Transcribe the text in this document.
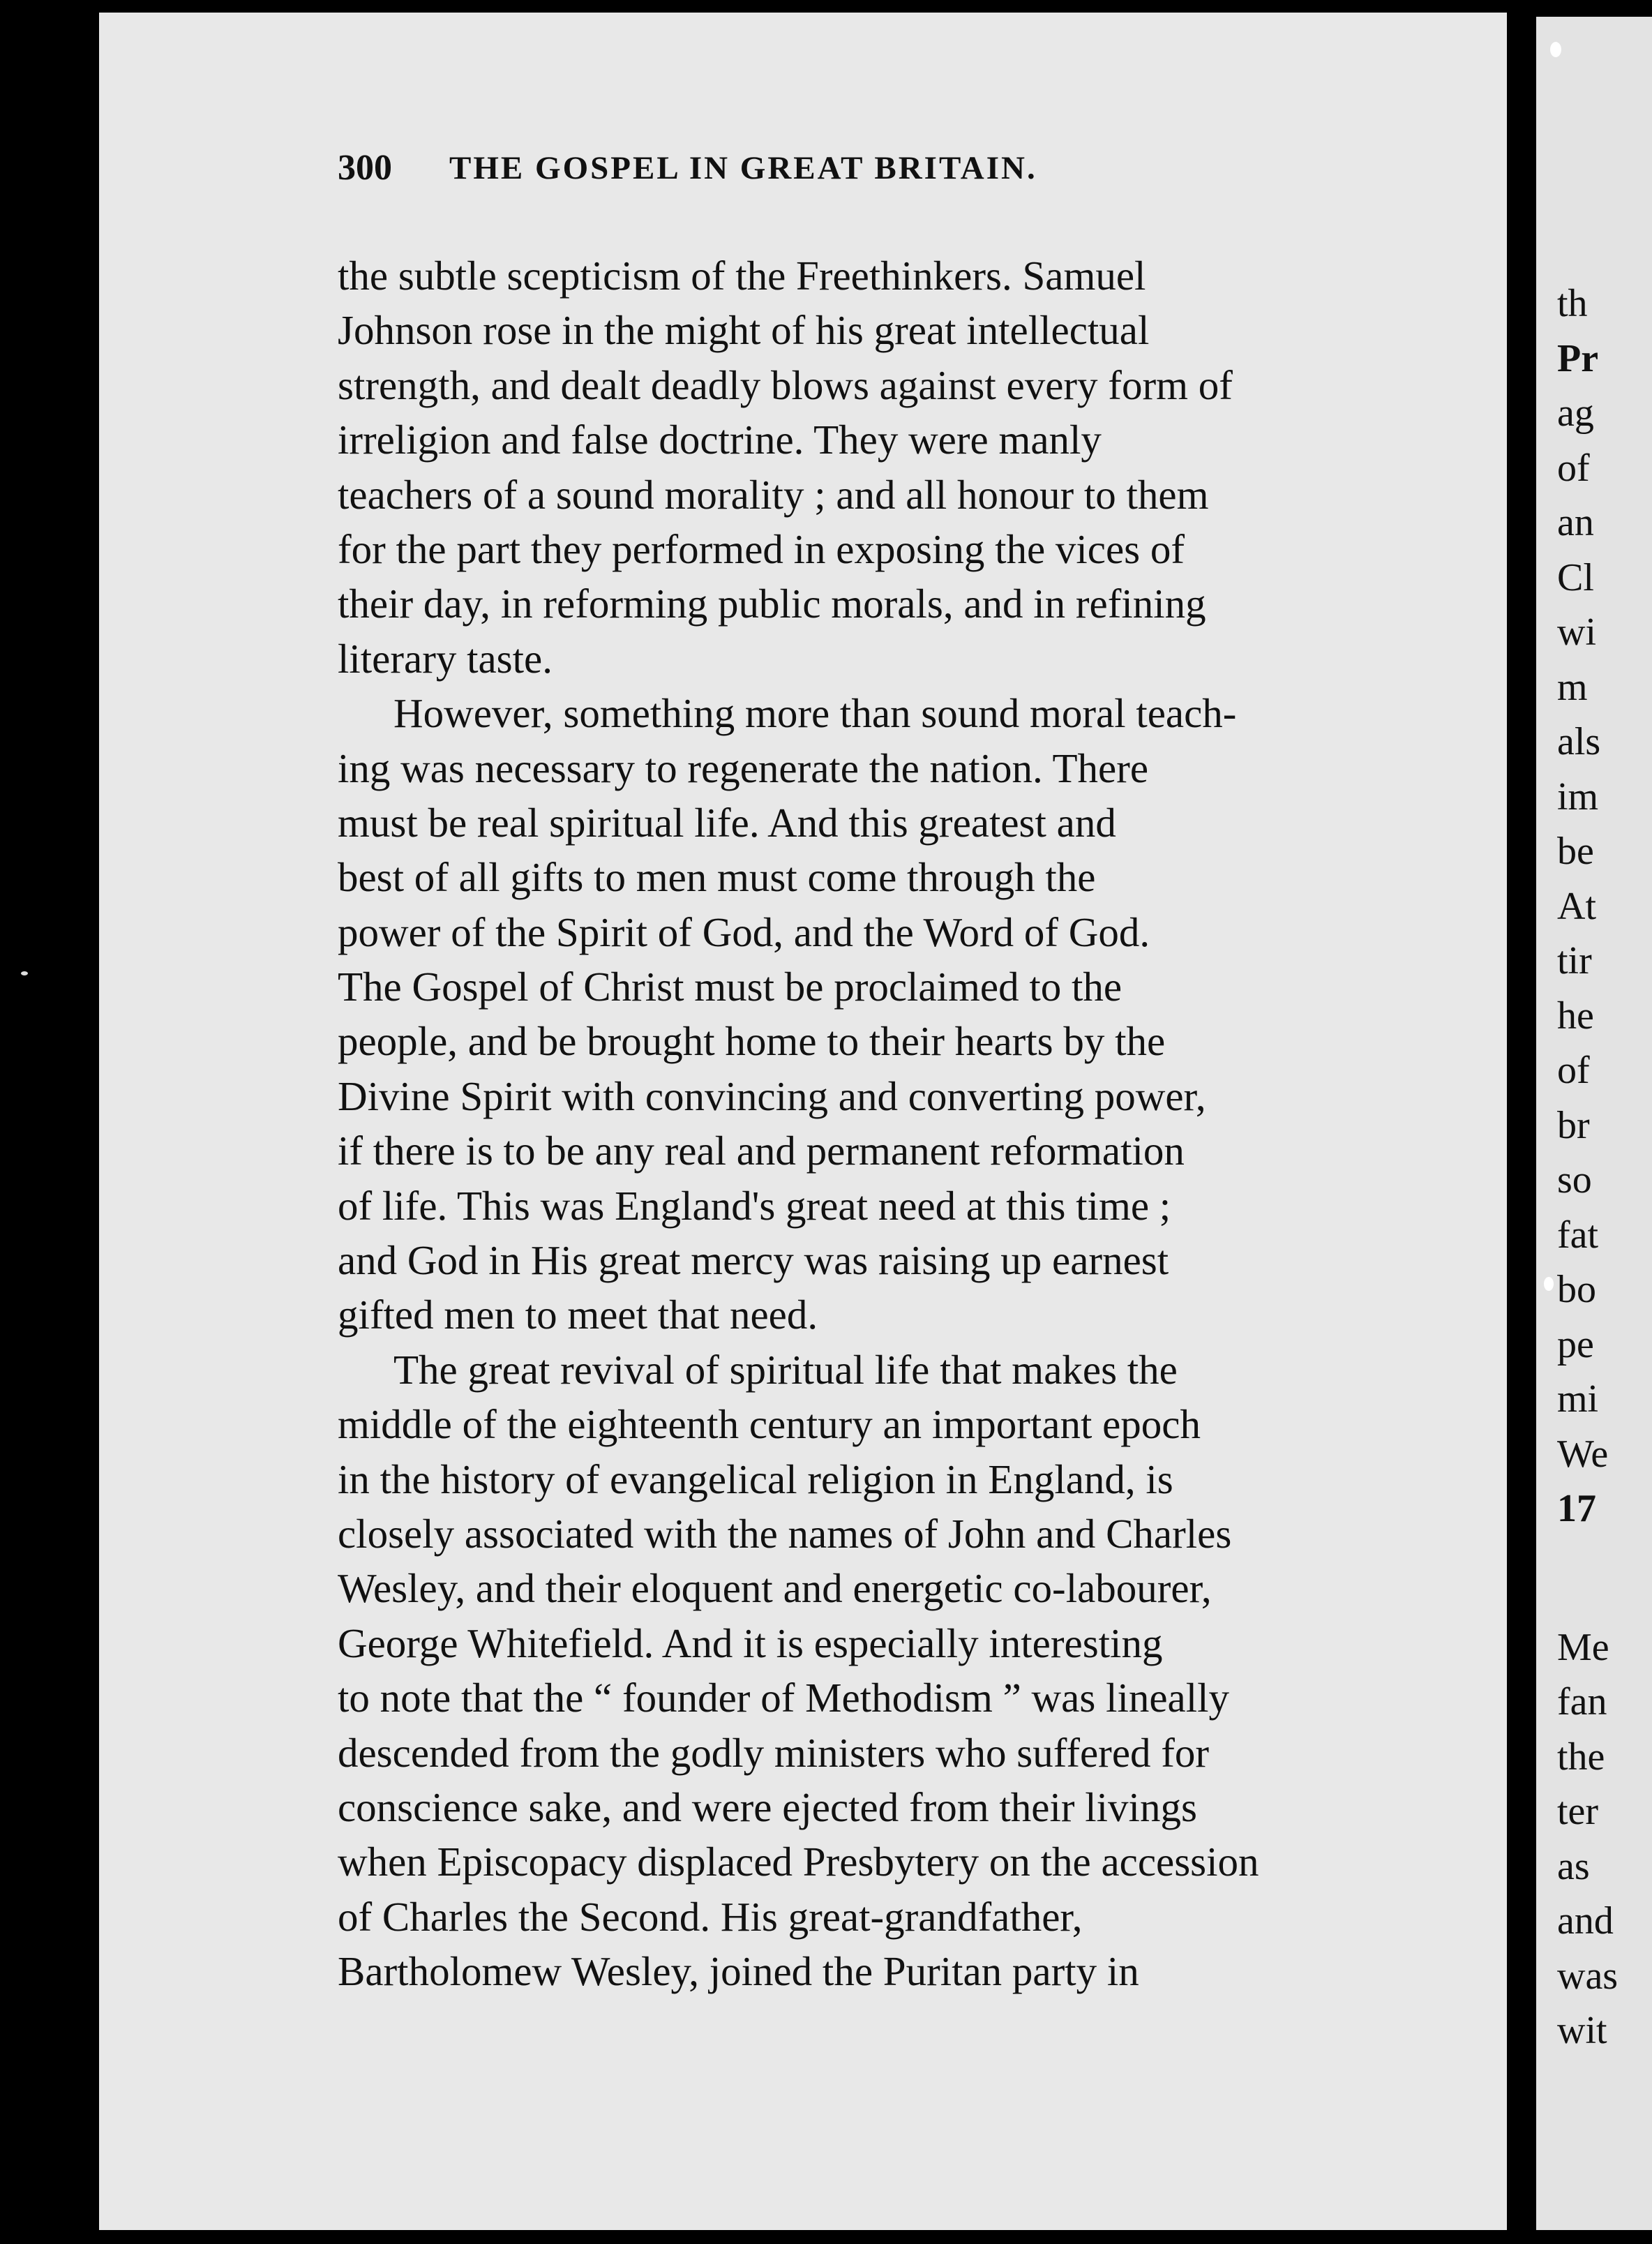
300 THE GOSPEL IN GREAT BRITAIN.
the subtle scepticism of the Freethinkers. Samuel
Johnson rose in the might of his great intellectual
strength, and dealt deadly blows against every form of
irreligion and false doctrine. They were manly
teachers of a sound morality ; and all honour to them
for the part they performed in exposing the vices of
their day, in reforming public morals, and in refining
literary taste.
However, something more than sound moral teach-
ing was necessary to regenerate the nation. There
must be real spiritual life. And this greatest and
best of all gifts to men must come through the
power of the Spirit of God, and the Word of God.
The Gospel of Christ must be proclaimed to the
people, and be brought home to their hearts by the
Divine Spirit with convincing and converting power,
if there is to be any real and permanent reformation
of life. This was England's great need at this time ;
and God in His great mercy was raising up earnest
gifted men to meet that need.
The great revival of spiritual life that makes the
middle of the eighteenth century an important epoch
in the history of evangelical religion in England, is
closely associated with the names of John and Charles
Wesley, and their eloquent and energetic co-labourer,
George Whitefield. And it is especially interesting
to note that the “ founder of Methodism ” was lineally
descended from the godly ministers who suffered for
conscience sake, and were ejected from their livings
when Episcopacy displaced Presbytery on the accession
of Charles the Second. His great-grandfather,
Bartholomew Wesley, joined the Puritan party in
th
Pr
ag
of
an
Cl
wi
m
als
im
be
At
tir
he
of
br
so
fat
bo
pe
mi
We
17
Me
fan
the
ter
as
and
was
wit
